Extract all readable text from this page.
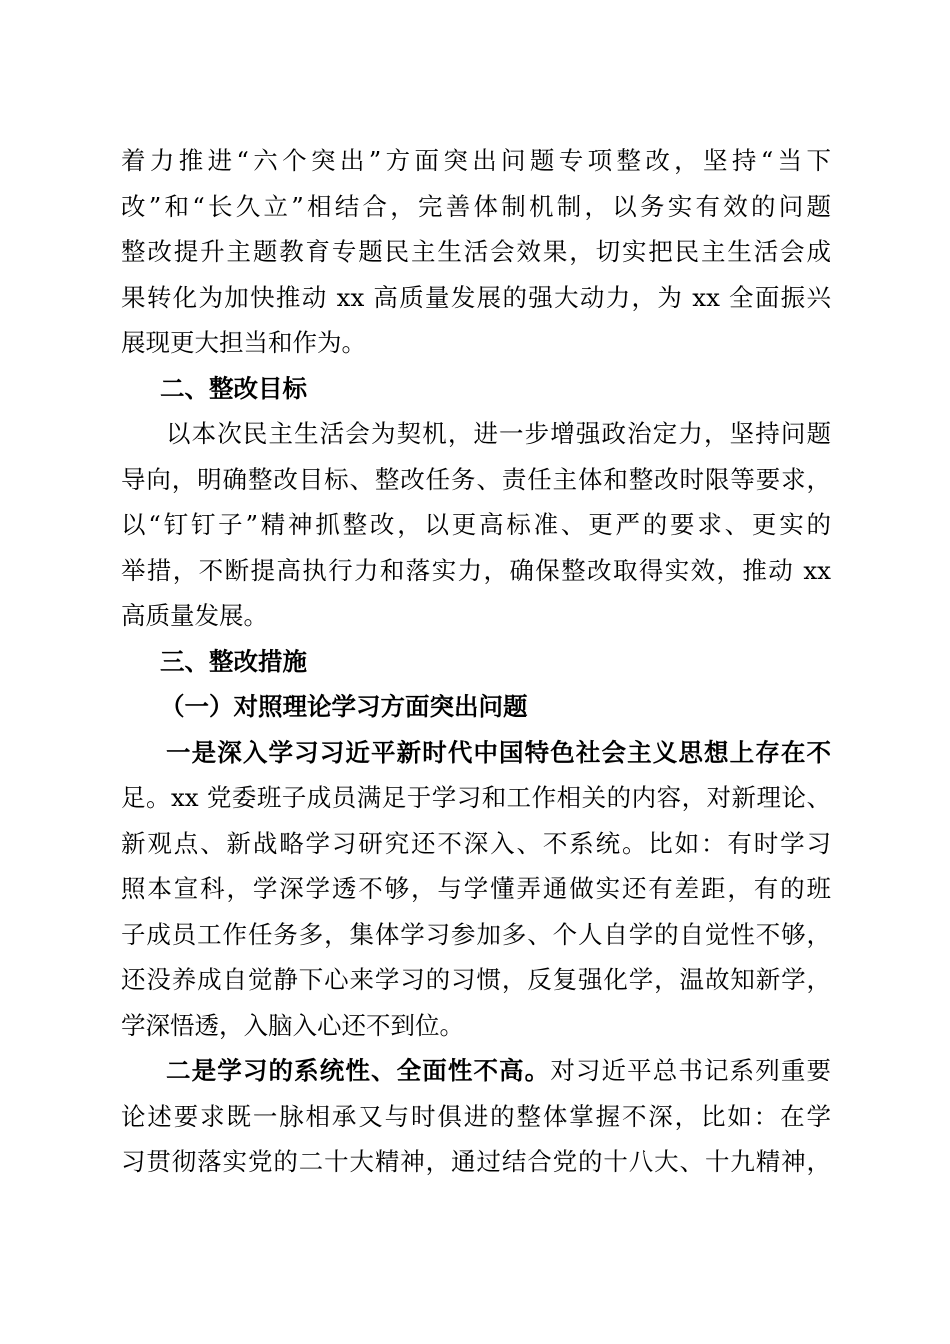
着力推进“六个突出”方面突出问题专项整改，坚持“当下
改”和“长久立”相结合，完善体制机制，以务实有效的问题
整改提升主题教育专题民主生活会效果，切实把民主生活会成
果转化为加快推动 xx 高质量发展的强大动力，为 xx 全面振兴
展现更大担当和作为。
二、整改目标
以本次民主生活会为契机，进一步增强政治定力，坚持问题
导向，明确整改目标、整改任务、责任主体和整改时限等要求，
以“钉钉子”精神抓整改，以更高标准、更严的要求、更实的
举措，不断提高执行力和落实力，确保整改取得实效，推动 xx
高质量发展。
三、整改措施
（一）对照理论学习方面突出问题
一是深入学习习近平新时代中国特色社会主义思想上存在不
足。xx 党委班子成员满足于学习和工作相关的内容，对新理论、
新观点、新战略学习研究还不深入、不系统。比如：有时学习
照本宣科，学深学透不够，与学懂弄通做实还有差距，有的班
子成员工作任务多，集体学习参加多、个人自学的自觉性不够，
还没养成自觉静下心来学习的习惯，反复强化学，温故知新学，
学深悟透，入脑入心还不到位。
二是学习的系统性、全面性不高。对习近平总书记系列重要
论述要求既一脉相承又与时俱进的整体掌握不深，比如：在学
习贯彻落实党的二十大精神，通过结合党的十八大、十九精神，
